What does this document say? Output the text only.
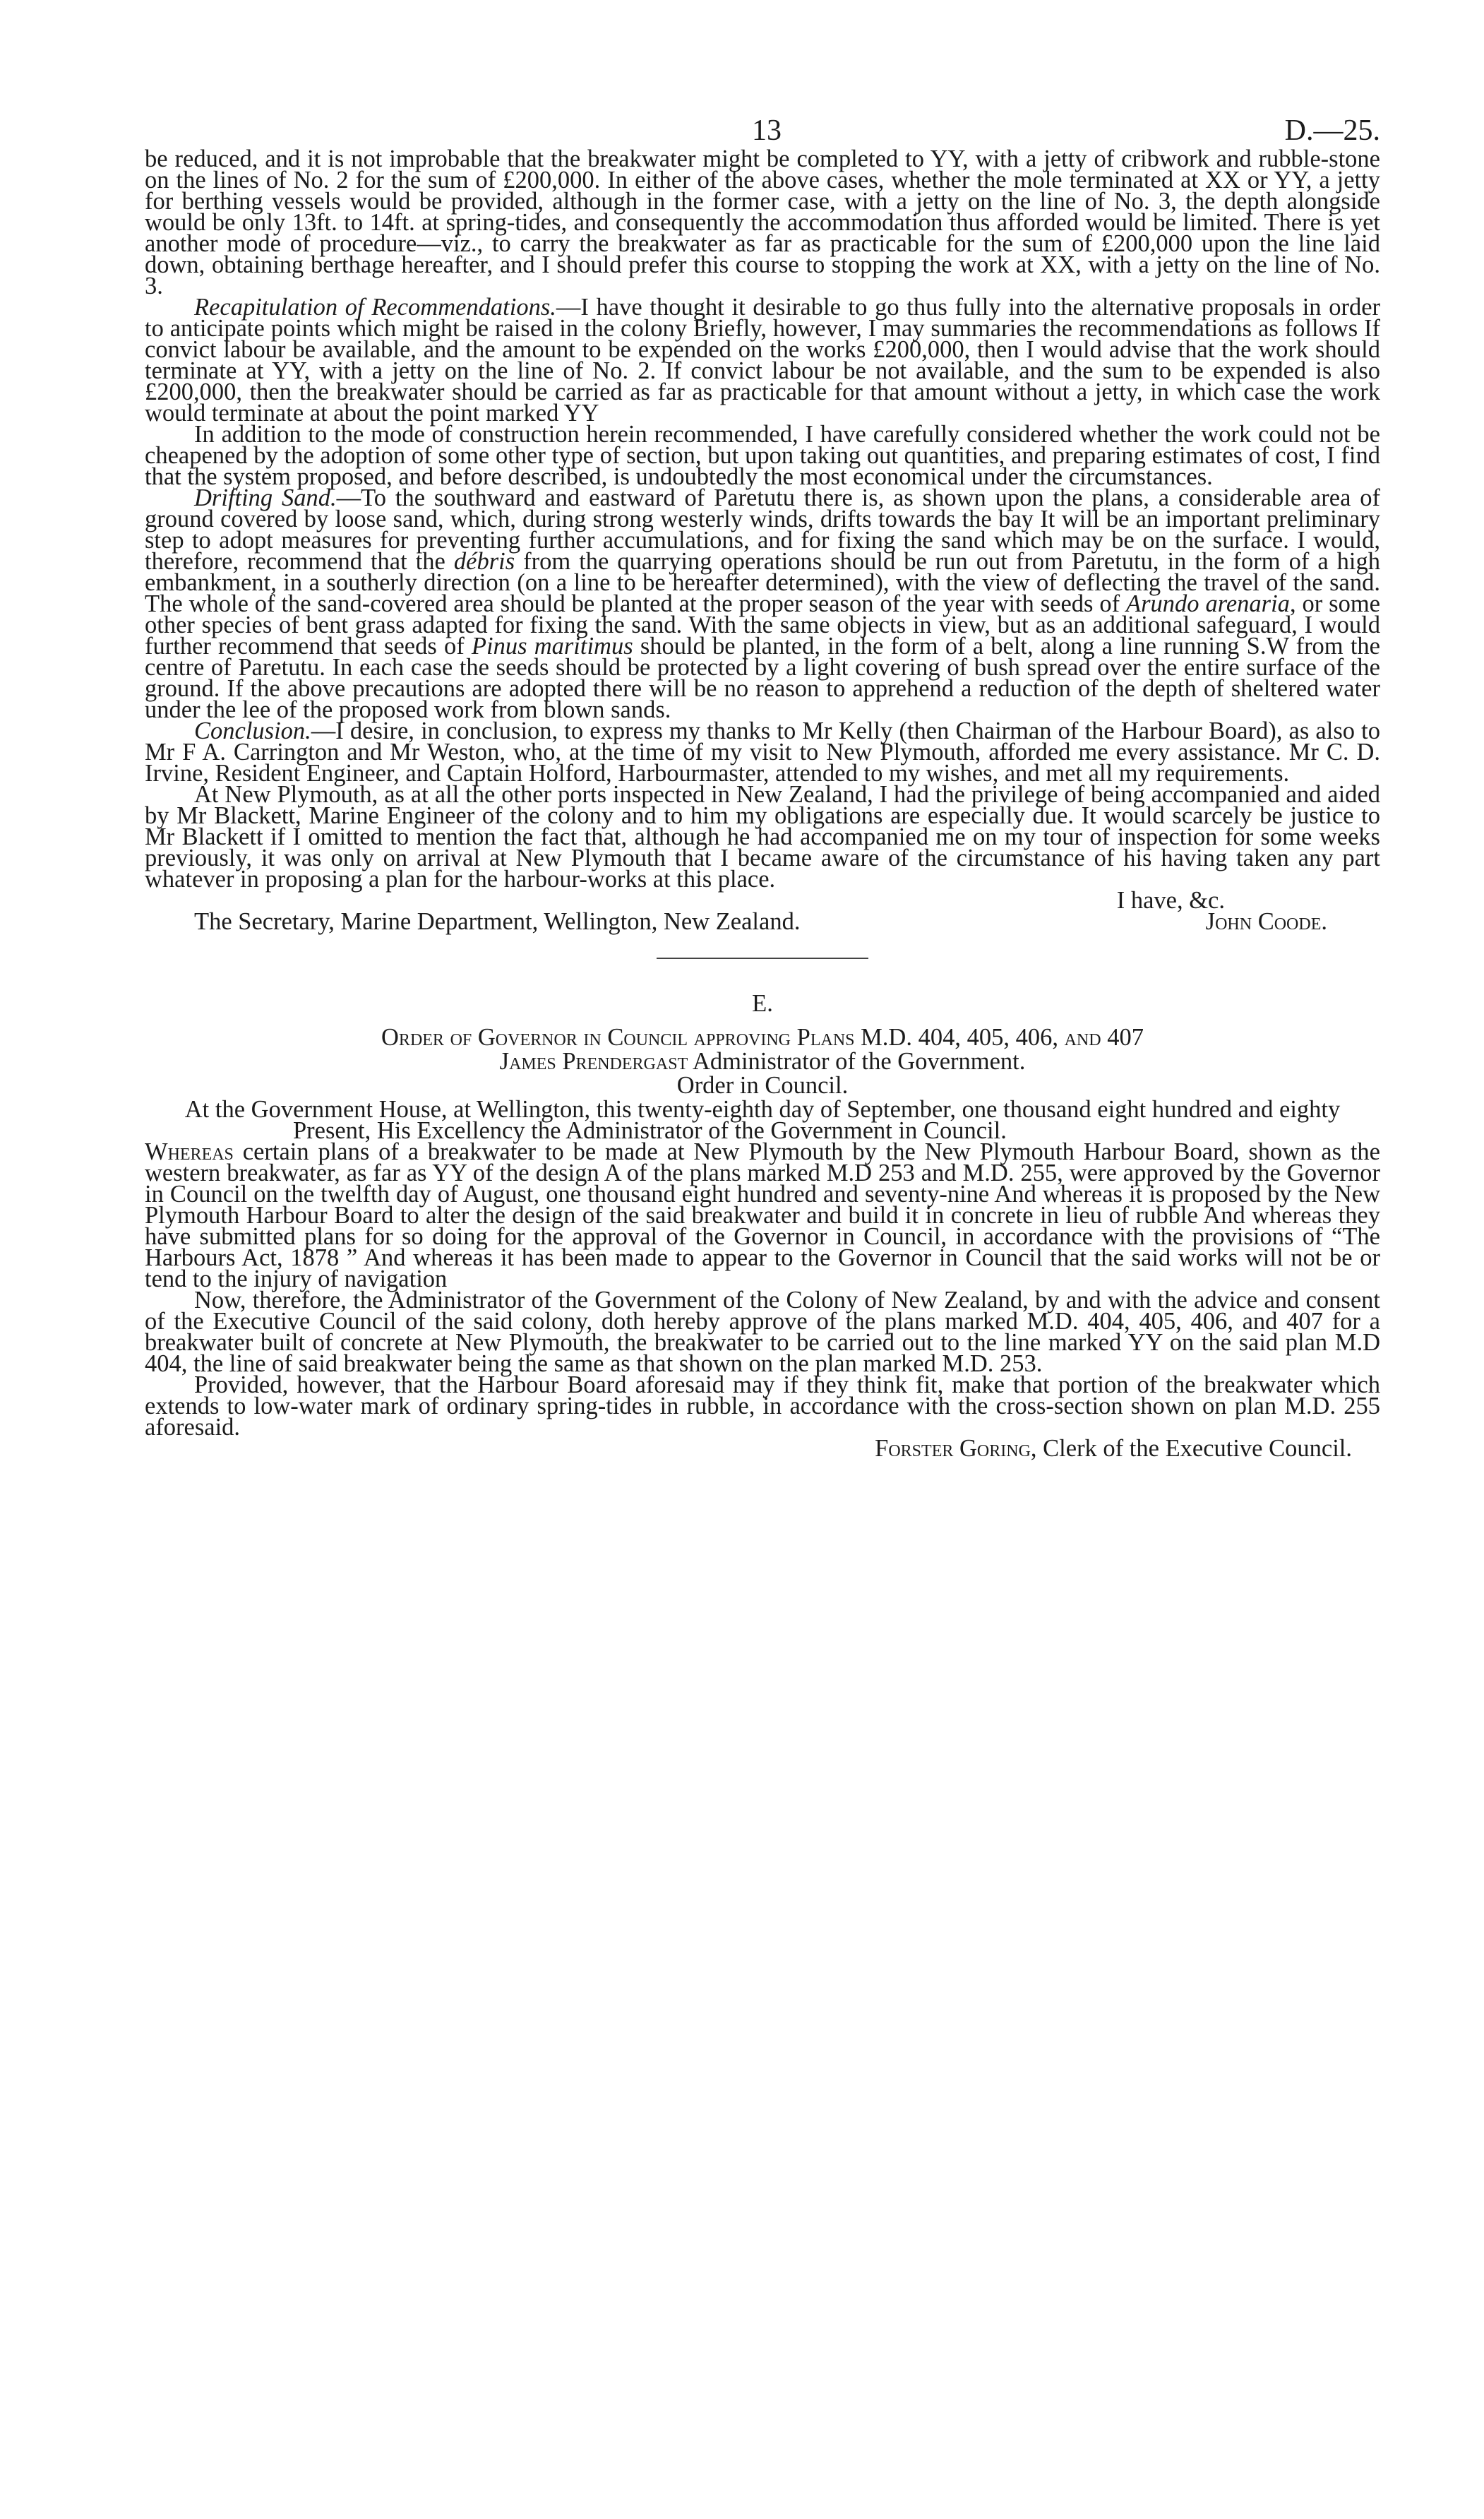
13	D.—25.

be reduced, and it is not improbable that the breakwater might be completed to YY, with a jetty of cribwork and rubble-stone on the lines of No. 2 for the sum of £200,000. In either of the above cases, whether the mole terminated at XX or YY, a jetty for berthing vessels would be provided, although in the former case, with a jetty on the line of No. 3, the depth alongside would be only 13ft. to 14ft. at spring-tides, and consequently the accommodation thus afforded would be limited. There is yet another mode of procedure—viz., to carry the breakwater as far as practicable for the sum of £200,000 upon the line laid down, obtaining berthage hereafter, and I should prefer this course to stopping the work at XX, with a jetty on the line of No. 3.

Recapitulation of Recommendations.—I have thought it desirable to go thus fully into the alternative proposals in order to anticipate points which might be raised in the colony Briefly, however, I may summaries the recommendations as follows If convict labour be available, and the amount to be expended on the works £200,000, then I would advise that the work should terminate at YY, with a jetty on the line of No. 2. If convict labour be not available, and the sum to be expended is also £200,000, then the breakwater should be carried as far as practicable for that amount without a jetty, in which case the work would terminate at about the point marked YY

In addition to the mode of construction herein recommended, I have carefully considered whether the work could not be cheapened by the adoption of some other type of section, but upon taking out quantities, and preparing estimates of cost, I find that the system proposed, and before described, is undoubtedly the most economical under the circumstances.

Drifting Sand.—To the southward and eastward of Paretutu there is, as shown upon the plans, a considerable area of ground covered by loose sand, which, during strong westerly winds, drifts towards the bay It will be an important preliminary step to adopt measures for preventing further accumulations, and for fixing the sand which may be on the surface. I would, therefore, recommend that the débris from the quarrying operations should be run out from Paretutu, in the form of a high embankment, in a southerly direction (on a line to be hereafter determined), with the view of deflecting the travel of the sand. The whole of the sand-covered area should be planted at the proper season of the year with seeds of Arundo arenaria, or some other species of bent grass adapted for fixing the sand. With the same objects in view, but as an additional safeguard, I would further recommend that seeds of Pinus maritimus should be planted, in the form of a belt, along a line running S.W from the centre of Paretutu. In each case the seeds should be protected by a light covering of bush spread over the entire surface of the ground. If the above precautions are adopted there will be no reason to apprehend a reduction of the depth of sheltered water under the lee of the proposed work from blown sands.

Conclusion.—I desire, in conclusion, to express my thanks to Mr Kelly (then Chairman of the Harbour Board), as also to Mr F A. Carrington and Mr Weston, who, at the time of my visit to New Plymouth, afforded me every assistance. Mr C. D. Irvine, Resident Engineer, and Captain Holford, Harbourmaster, attended to my wishes, and met all my requirements.

At New Plymouth, as at all the other ports inspected in New Zealand, I had the privilege of being accompanied and aided by Mr Blackett, Marine Engineer of the colony and to him my obligations are especially due. It would scarcely be justice to Mr Blackett if I omitted to mention the fact that, although he had accompanied me on my tour of inspection for some weeks previously, it was only on arrival at New Plymouth that I became aware of the circumstance of his having taken any part whatever in proposing a plan for the harbour-works at this place.

I have, &c.

The Secretary, Marine Department, Wellington, New Zealand.	John Coode.

E.

Order of Governor in Council approving Plans M.D. 404, 405, 406, and 407

James Prendergast Administrator of the Government.

Order in Council.

At the Government House, at Wellington, this twenty-eighth day of September, one thousand eight hundred and eighty

Present, His Excellency the Administrator of the Government in Council.

Whereas certain plans of a breakwater to be made at New Plymouth by the New Plymouth Harbour Board, shown as the western breakwater, as far as YY of the design A of the plans marked M.D 253 and M.D. 255, were approved by the Governor in Council on the twelfth day of August, one thousand eight hundred and seventy-nine And whereas it is proposed by the New Plymouth Harbour Board to alter the design of the said breakwater and build it in concrete in lieu of rubble And whereas they have submitted plans for so doing for the approval of the Governor in Council, in accordance with the provisions of “The Harbours Act, 1878 ” And whereas it has been made to appear to the Governor in Council that the said works will not be or tend to the injury of navigation

Now, therefore, the Administrator of the Government of the Colony of New Zealand, by and with the advice and consent of the Executive Council of the said colony, doth hereby approve of the plans marked M.D. 404, 405, 406, and 407 for a breakwater built of concrete at New Plymouth, the breakwater to be carried out to the line marked YY on the said plan M.D 404, the line of said breakwater being the same as that shown on the plan marked M.D. 253.

Provided, however, that the Harbour Board aforesaid may if they think fit, make that portion of the breakwater which extends to low-water mark of ordinary spring-tides in rubble, in accordance with the cross-section shown on plan M.D. 255 aforesaid.

Forster Goring, Clerk of the Executive Council.
